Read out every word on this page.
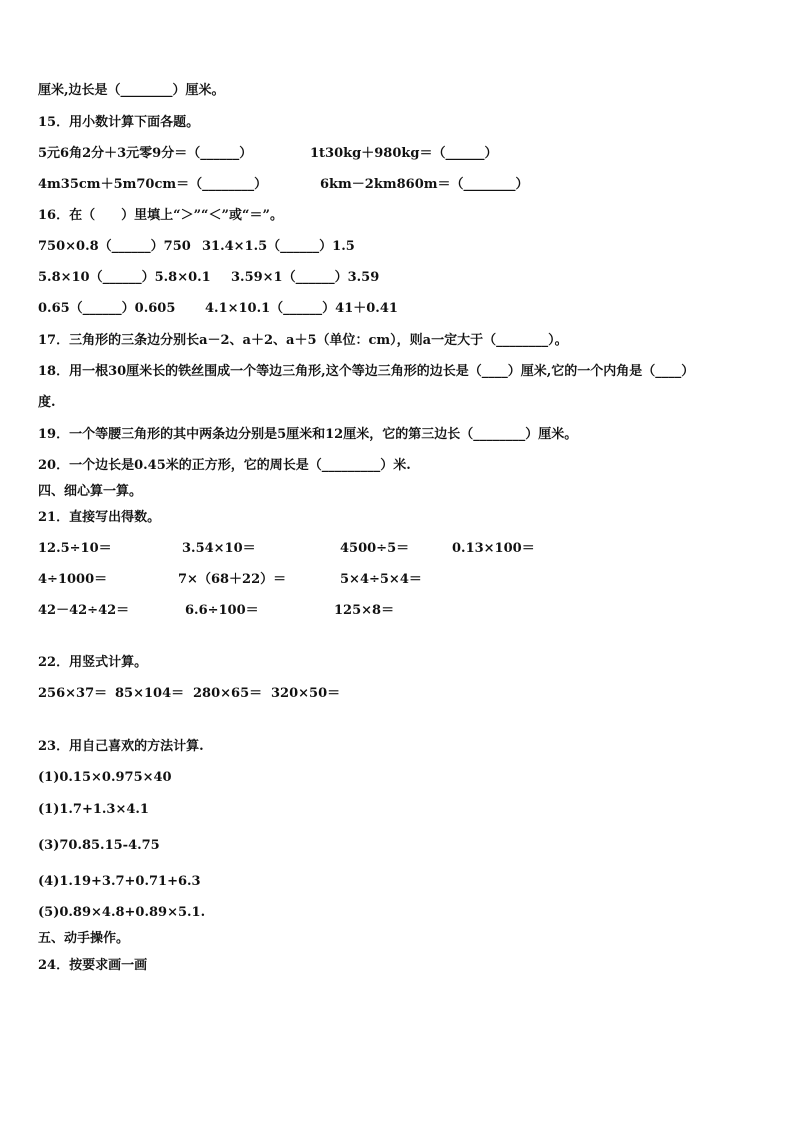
厘米,边长是（________）厘米。
15．用小数计算下面各题。
5元6角2分＋3元零9分＝（______）	1t30kg＋980kg＝（______）
4m35cm＋5m70cm＝（________）	6km－2km860m＝（________）
16．在（　　）里填上“＞”“＜”或“＝”。
750×0.8（______）750 31.4×1.5（______）1.5
5.8×10（______）5.8×0.1 3.59×1（______）3.59
0.65（______）0.605 4.1×10.1（______）41＋0.41
17．三角形的三条边分别长a－2、a＋2、a＋5（单位：cm），则a一定大于（________）。
18．用一根30厘米长的铁丝围成一个等边三角形,这个等边三角形的边长是（____）厘米,它的一个内角是（____）
度.
19．一个等腰三角形的其中两条边分别是5厘米和12厘米，它的第三边长（________）厘米。
20．一个边长是0.45米的正方形，它的周长是（_________）米.
四、细心算一算。
21．直接写出得数。
12.5÷10＝	3.54×10＝	4500÷5＝	0.13×100＝
4÷1000＝	7×（68＋22）＝	5×4÷5×4＝
42－42÷42＝	6.6÷100＝	125×8＝
22．用竖式计算。
256×37＝ 85×104＝ 280×65＝ 320×50＝
23．用自己喜欢的方法计算.
(1)0.15×0.975×40
(1)1.7+1.3×4.1
(3)70.85.15-4.75
(4)1.19+3.7+0.71+6.3
(5)0.89×4.8+0.89×5.1.
五、动手操作。
24．按要求画一画
